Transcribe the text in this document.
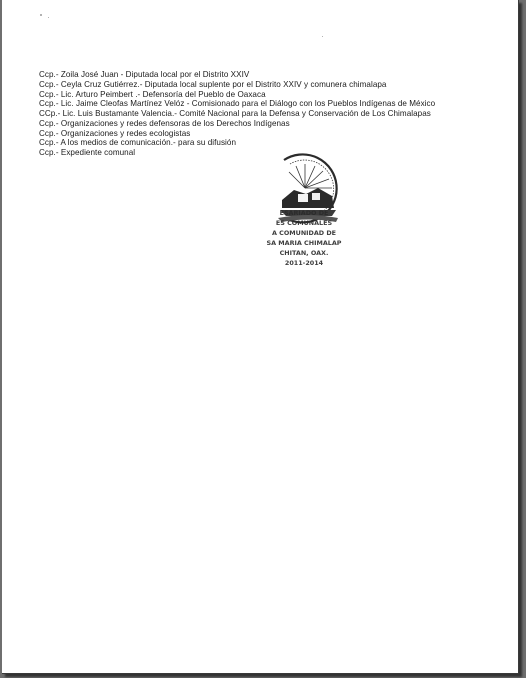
Ccp.- Zoila José Juan - Diputada local por el Distrito XXIV
Ccp.- Ceyla Cruz Gutiérrez.- Diputada local suplente por el Distrito XXIV y comunera chimalapa
Ccp.- Lic. Arturo Peimbert .- Defensoría del Pueblo de Oaxaca
Ccp.- Lic. Jaime Cleofas Martínez Velóz - Comisionado para el Diálogo con los Pueblos Indígenas de México
CCp.- Lic. Luis Bustamante Valencia.- Comité Nacional para la Defensa y Conservación de Los Chimalapas
Ccp.- Organizaciones y redes defensoras de los Derechos Indígenas
Ccp.- Organizaciones y redes ecologistas
Ccp.- A los medios de comunicación.- para su difusión
Ccp.- Expediente comunal
ESARIADO DE
ES COMUNALES
A COMUNIDAD DE
SA MARIA CHIMALAP
CHITAN, OAX.
2011-2014
